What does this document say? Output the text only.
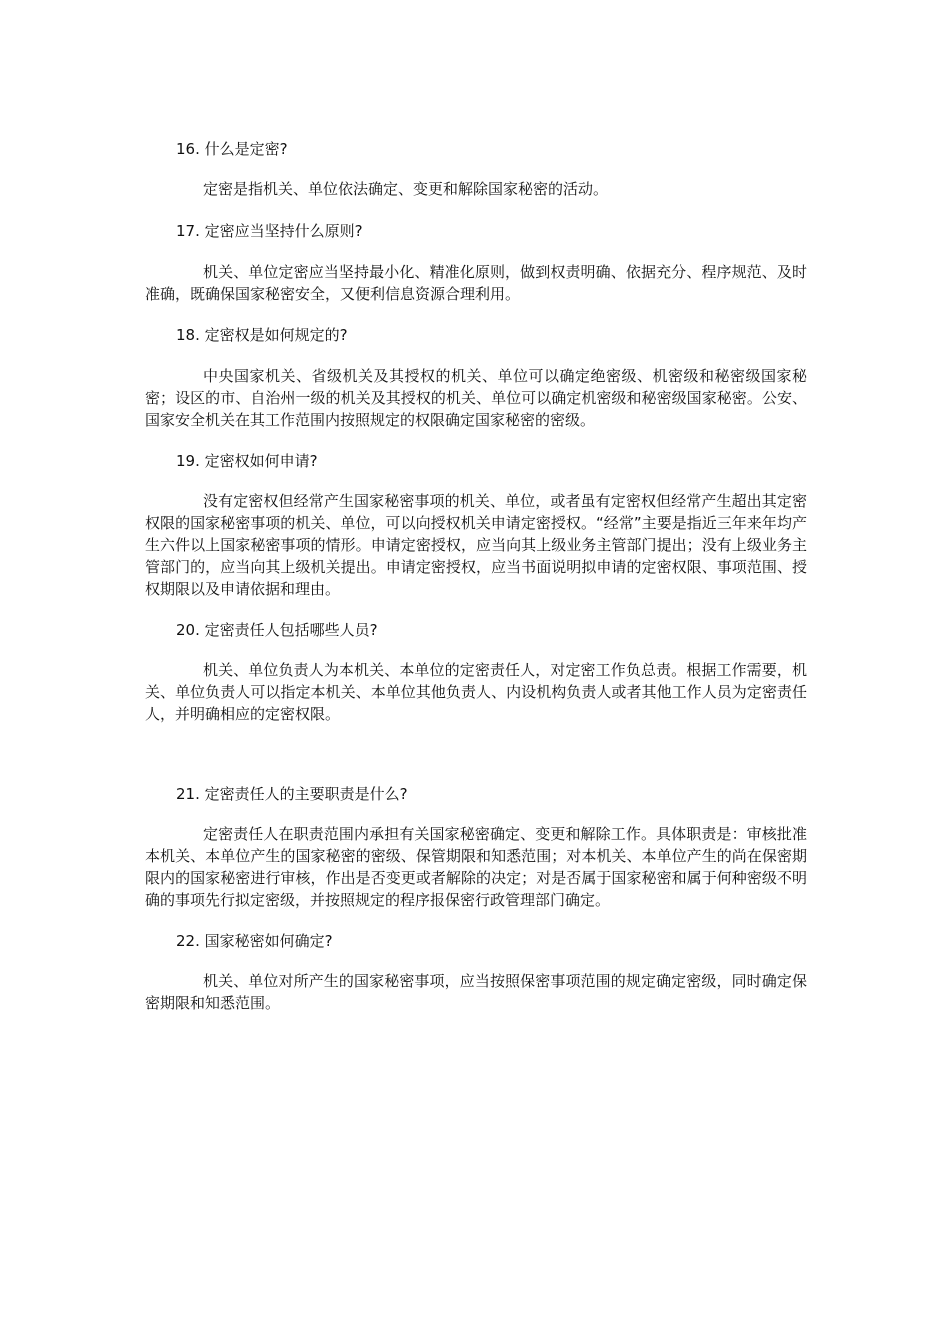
16. 什么是定密?
定密是指机关、单位依法确定、变更和解除国家秘密的活动。
17. 定密应当坚持什么原则?
机关、单位定密应当坚持最小化、精准化原则，做到权责明确、依据充分、程序规范、及时准确，既确保国家秘密安全，又便利信息资源合理利用。
18. 定密权是如何规定的?
中央国家机关、省级机关及其授权的机关、单位可以确定绝密级、机密级和秘密级国家秘密；设区的市、自治州一级的机关及其授权的机关、单位可以确定机密级和秘密级国家秘密。公安、国家安全机关在其工作范围内按照规定的权限确定国家秘密的密级。
19. 定密权如何申请?
没有定密权但经常产生国家秘密事项的机关、单位，或者虽有定密权但经常产生超出其定密权限的国家秘密事项的机关、单位，可以向授权机关申请定密授权。“经常”主要是指近三年来年均产生六件以上国家秘密事项的情形。申请定密授权，应当向其上级业务主管部门提出；没有上级业务主管部门的，应当向其上级机关提出。申请定密授权，应当书面说明拟申请的定密权限、事项范围、授权期限以及申请依据和理由。
20. 定密责任人包括哪些人员?
机关、单位负责人为本机关、本单位的定密责任人，对定密工作负总责。根据工作需要，机关、单位负责人可以指定本机关、本单位其他负责人、内设机构负责人或者其他工作人员为定密责任人，并明确相应的定密权限。
21. 定密责任人的主要职责是什么?
定密责任人在职责范围内承担有关国家秘密确定、变更和解除工作。具体职责是：审核批准本机关、本单位产生的国家秘密的密级、保管期限和知悉范围；对本机关、本单位产生的尚在保密期限内的国家秘密进行审核，作出是否变更或者解除的决定；对是否属于国家秘密和属于何种密级不明确的事项先行拟定密级，并按照规定的程序报保密行政管理部门确定。
22. 国家秘密如何确定?
机关、单位对所产生的国家秘密事项，应当按照保密事项范围的规定确定密级，同时确定保密期限和知悉范围。
